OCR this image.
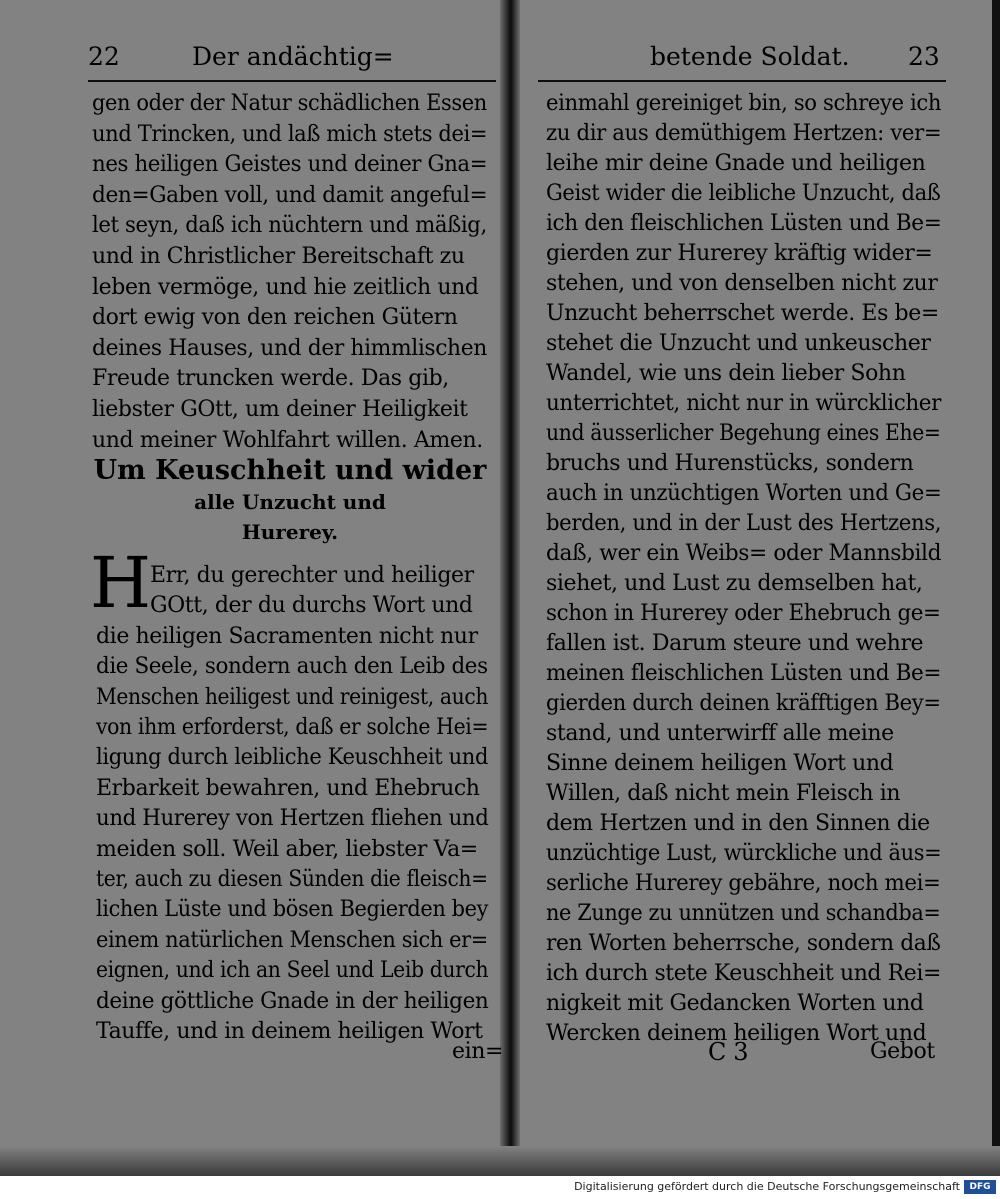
22	Der andächtig=	betende Soldat. 23
Um Keuschheit und wider
alle Unzucht und
Hurerey.
H
ein=	C 3	Gebot
Digitalisierung gefördert durch die Deutsche Forschungsgemeinschaft	DFG
gen oder der Natur schädlichen Essen
und Trincken, und laß mich stets dei=
nes heiligen Geistes und deiner Gna=
den=Gaben voll, und damit angeful=
let seyn, daß ich nüchtern und mäßig,
und in Christlicher Bereitschaft zu
leben vermöge, und hie zeitlich und
dort ewig von den reichen Gütern
deines Hauses, und der himmlischen
Freude truncken werde. Das gib,
liebster GOtt, um deiner Heiligkeit
und meiner Wohlfahrt willen. Amen.
Err, du gerechter und heiliger
GOtt, der du durchs Wort und
die heiligen Sacramenten nicht nur
die Seele, sondern auch den Leib des
Menschen heiligest und reinigest, auch
von ihm erforderst, daß er solche Hei=
ligung durch leibliche Keuschheit und
Erbarkeit bewahren, und Ehebruch
und Hurerey von Hertzen fliehen und
meiden soll. Weil aber, liebster Va=
ter, auch zu diesen Sünden die fleisch=
lichen Lüste und bösen Begierden bey
einem natürlichen Menschen sich er=
eignen, und ich an Seel und Leib durch
deine göttliche Gnade in der heiligen
Tauffe, und in deinem heiligen Wort
einmahl gereiniget bin, so schreye ich
zu dir aus demüthigem Hertzen: ver=
leihe mir deine Gnade und heiligen
Geist wider die leibliche Unzucht, daß
ich den fleischlichen Lüsten und Be=
gierden zur Hurerey kräftig wider=
stehen, und von denselben nicht zur
Unzucht beherrschet werde. Es be=
stehet die Unzucht und unkeuscher
Wandel, wie uns dein lieber Sohn
unterrichtet, nicht nur in würcklicher
und äusserlicher Begehung eines Ehe=
bruchs und Hurenstücks, sondern
auch in unzüchtigen Worten und Ge=
berden, und in der Lust des Hertzens,
daß, wer ein Weibs= oder Mannsbild
siehet, und Lust zu demselben hat,
schon in Hurerey oder Ehebruch ge=
fallen ist. Darum steure und wehre
meinen fleischlichen Lüsten und Be=
gierden durch deinen kräfftigen Bey=
stand, und unterwirff alle meine
Sinne deinem heiligen Wort und
Willen, daß nicht mein Fleisch in
dem Hertzen und in den Sinnen die
unzüchtige Lust, würckliche und äus=
serliche Hurerey gebähre, noch mei=
ne Zunge zu unnützen und schandba=
ren Worten beherrsche, sondern daß
ich durch stete Keuschheit und Rei=
nigkeit mit Gedancken Worten und
Wercken deinem heiligen Wort und
